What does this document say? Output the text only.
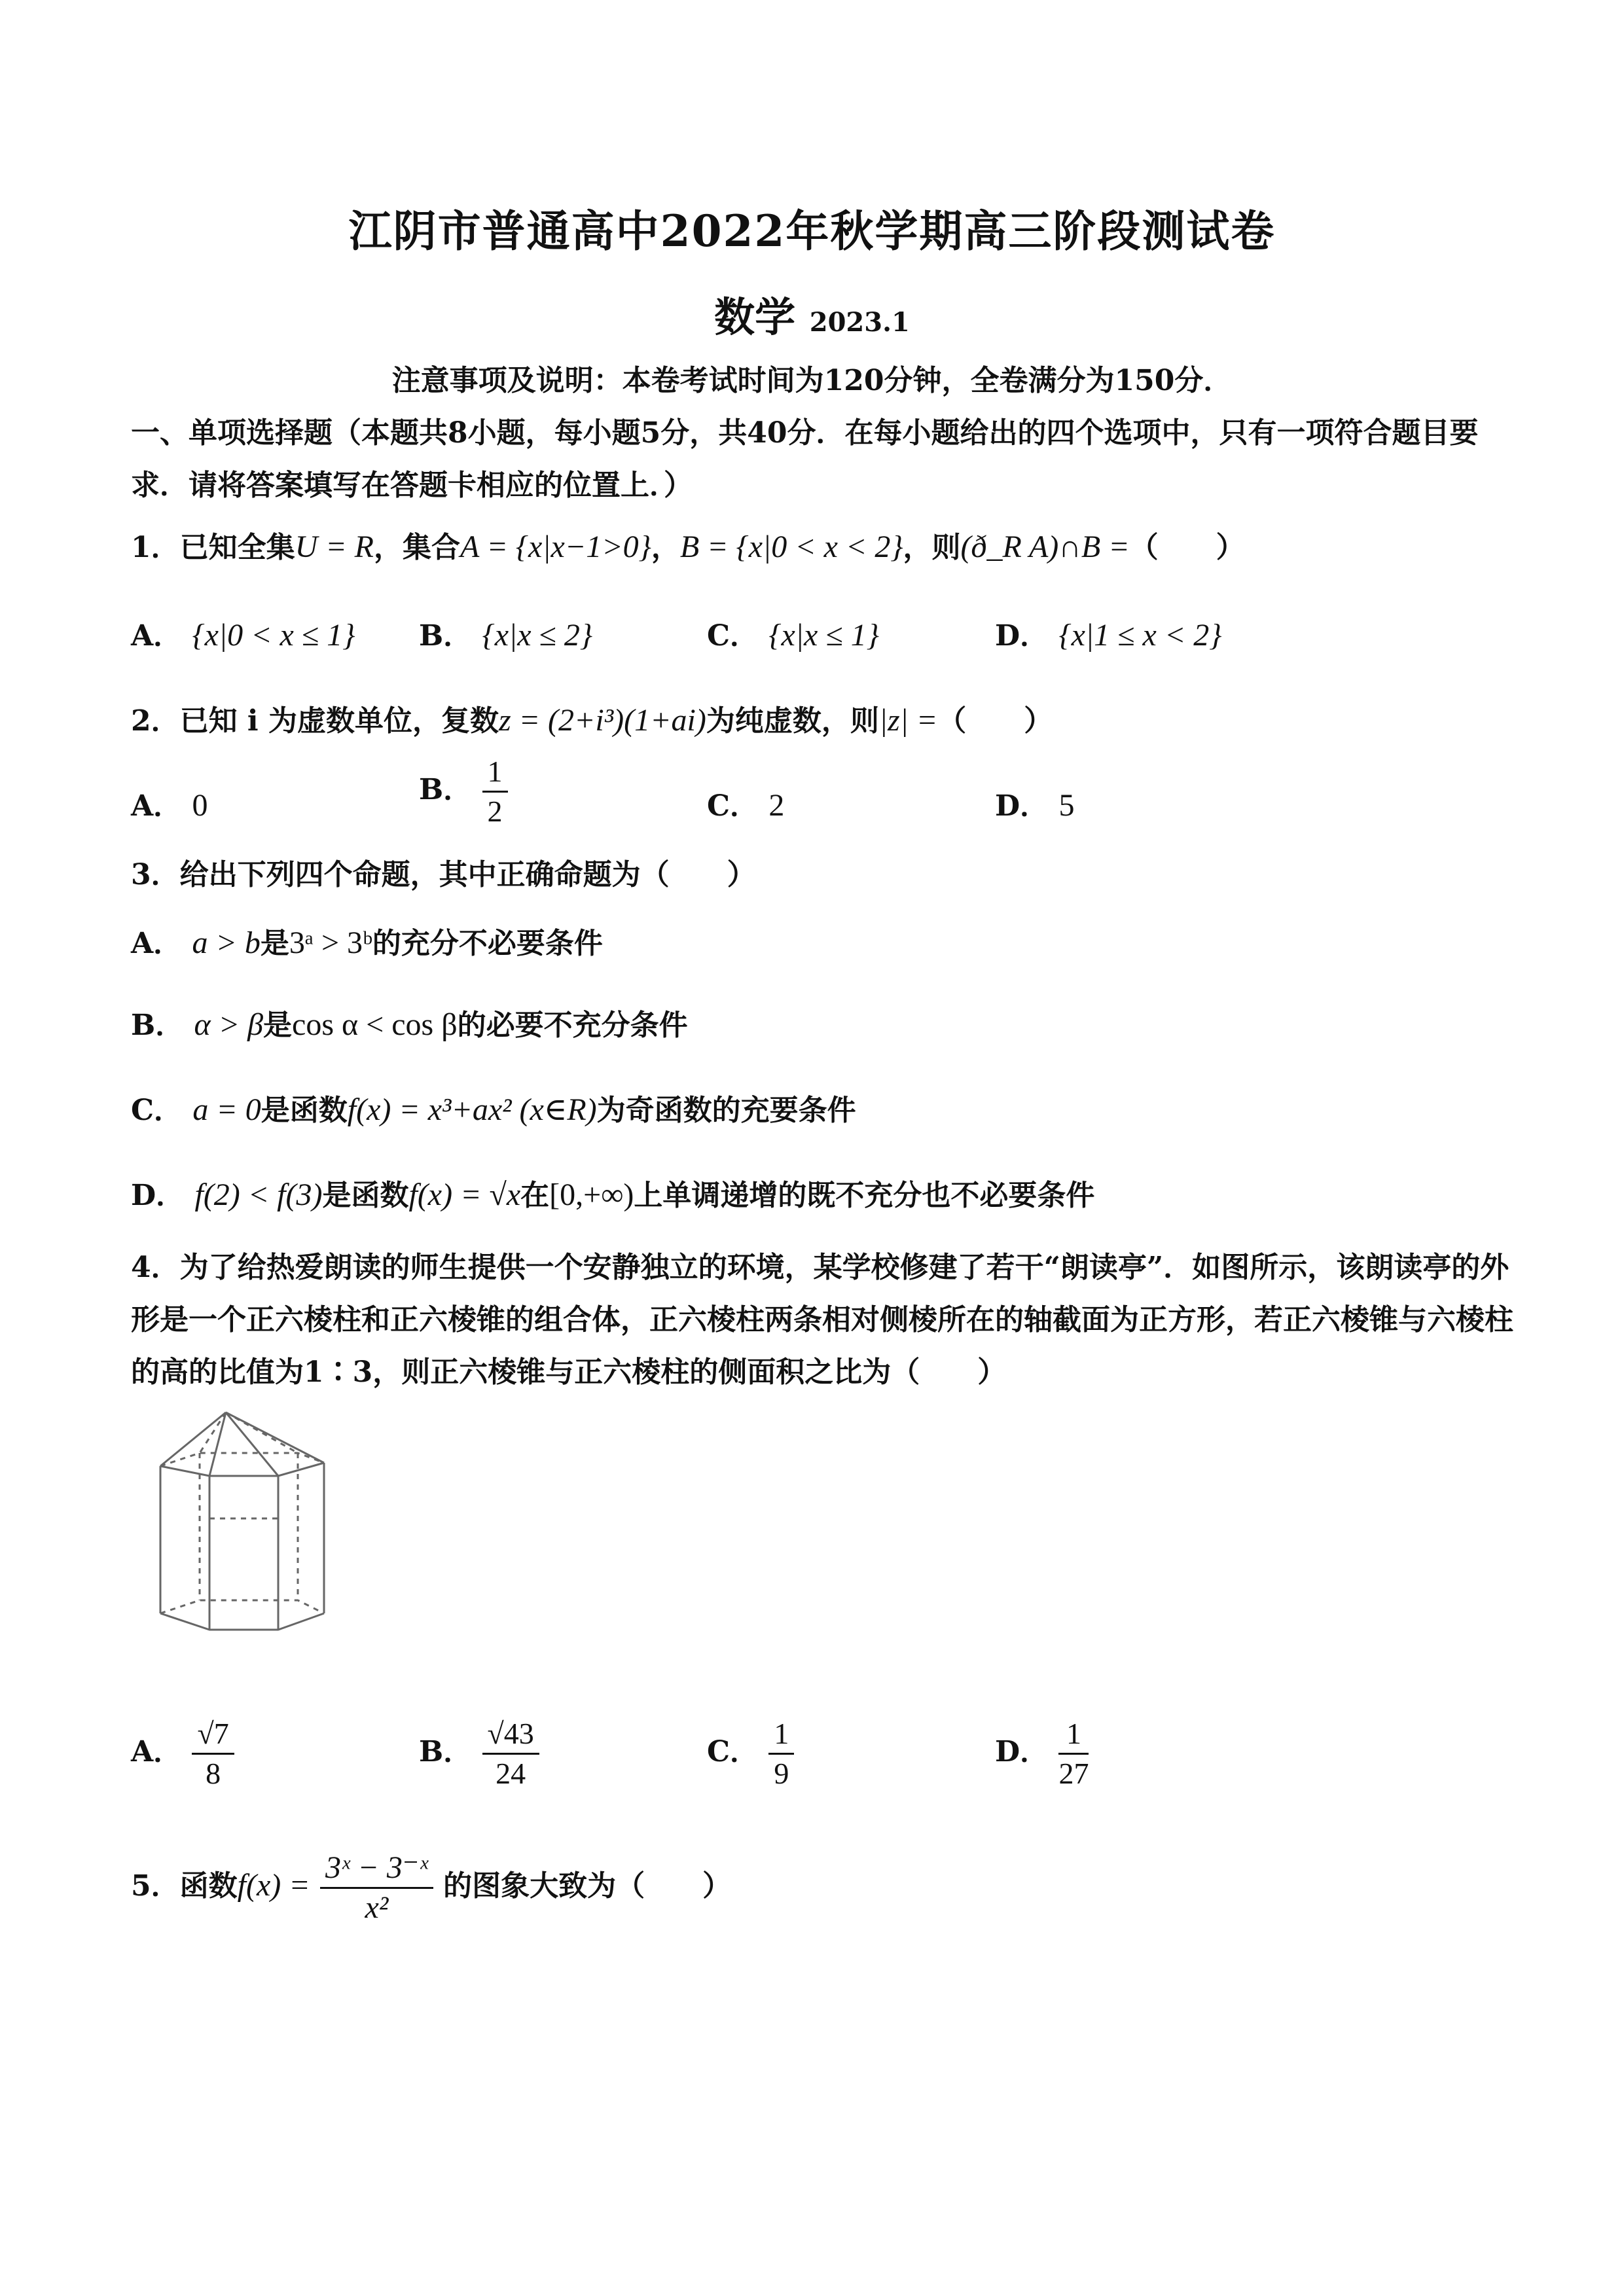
江阴市普通高中2022年秋学期高三阶段测试卷
数学 2023.1
注意事项及说明：本卷考试时间为120分钟，全卷满分为150分．
一、单项选择题（本题共8小题，每小题5分，共40分．在每小题给出的四个选项中，只有一项符合题目要
求．请将答案填写在答题卡相应的位置上．）
1．已知全集U = R，集合A = {x|x−1>0}，B = {x|0 < x < 2}，则(ð_R A)∩B =（　　）
A． {x|0 < x ≤ 1} B． {x|x ≤ 2}	C． {x|x ≤ 1}	D． {x|1 ≤ x < 2}
2．已知 i 为虚数单位，复数z = (2+i³)(1+ai)为纯虚数，则|z| =（　　）
A． 0	B． $\frac{1}{2}$	C． 2	D． 5
3．给出下列四个命题，其中正确命题为（　　）
A． a > b是3ᵃ > 3ᵇ的充分不必要条件
B． α > β是cos α < cos β的必要不充分条件
C． a = 0是函数f(x) = x³+ax² (x∈R)为奇函数的充要条件
D． f(2) < f(3)是函数f(x) = √x在[0,+∞)上单调递增的既不充分也不必要条件
4．为了给热爱朗读的师生提供一个安静独立的环境，某学校修建了若干“朗读亭”．如图所示，该朗读亭的外
形是一个正六棱柱和正六棱锥的组合体，正六棱柱两条相对侧棱所在的轴截面为正方形，若正六棱锥与六棱柱
的高的比值为1∶3，则正六棱锥与正六棱柱的侧面积之比为（　　）
A． $\frac{√7}{8}$	B． $\frac{√43}{24}$	C． $\frac{1}{9}$	D． $\frac{1}{27}$
5．函数$f(x) = \frac{\text{3ˣ − 3⁻ˣ}}{\text{x²}}$ 的图象大致为（　　）
